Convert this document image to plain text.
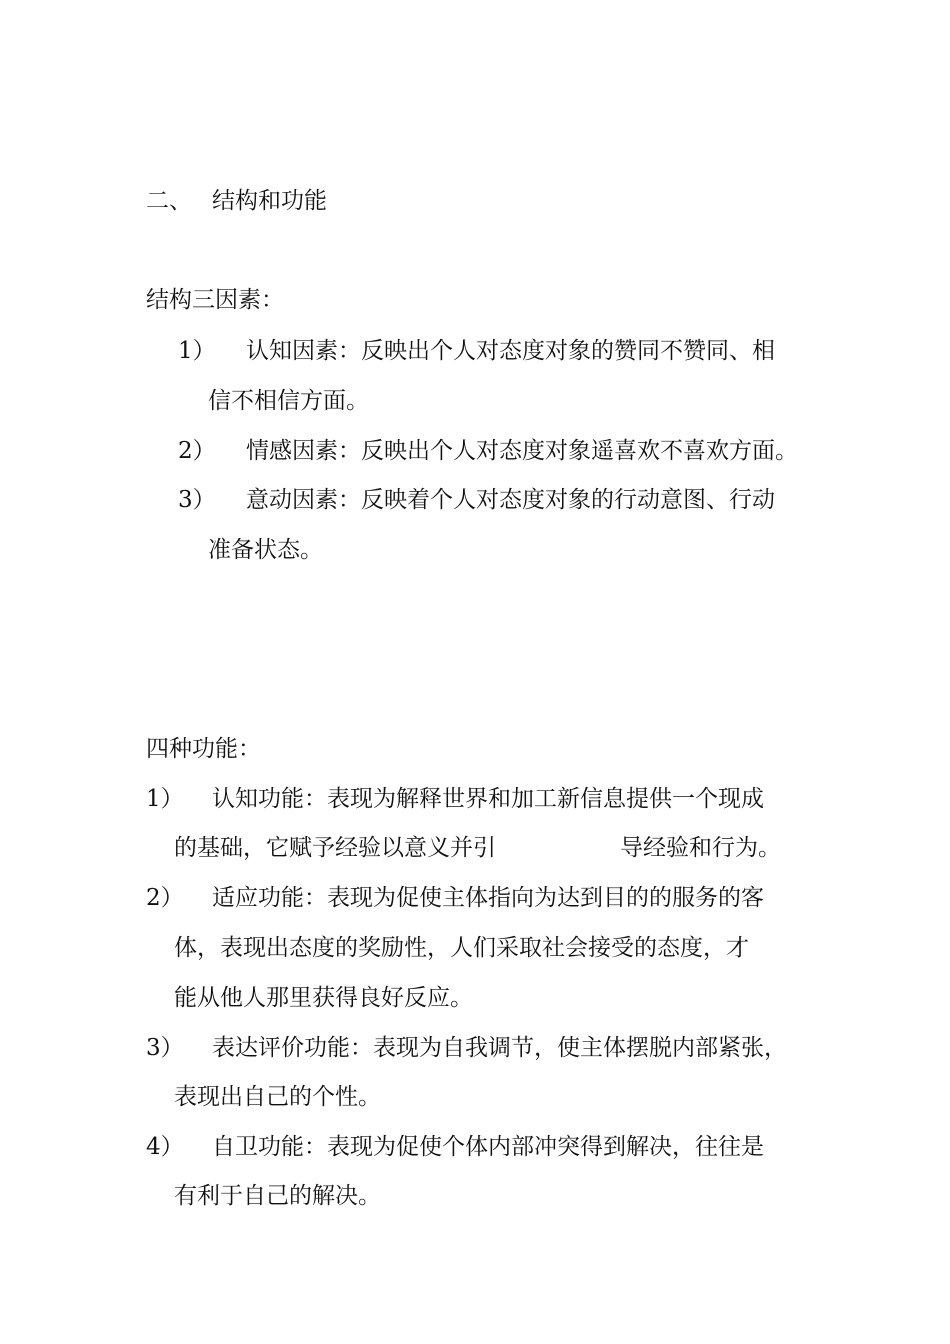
二、 结构和功能
结构三因素：
1） 认知因素：反映出个人对态度对象的赞同不赞同、相
信不相信方面。
2） 情感因素：反映出个人对态度对象遥喜欢不喜欢方面。
3） 意动因素：反映着个人对态度对象的行动意图、行动
准备状态。
四种功能：
1） 认知功能：表现为解释世界和加工新信息提供一个现成
的基础，它赋予经验以意义并引	导经验和行为。
2） 适应功能：表现为促使主体指向为达到目的的服务的客
体，表现出态度的奖励性，人们采取社会接受的态度，才
能从他人那里获得良好反应。
3） 表达评价功能：表现为自我调节，使主体摆脱内部紧张，
表现出自己的个性。
4） 自卫功能：表现为促使个体内部冲突得到解决，往往是
有利于自己的解决。
